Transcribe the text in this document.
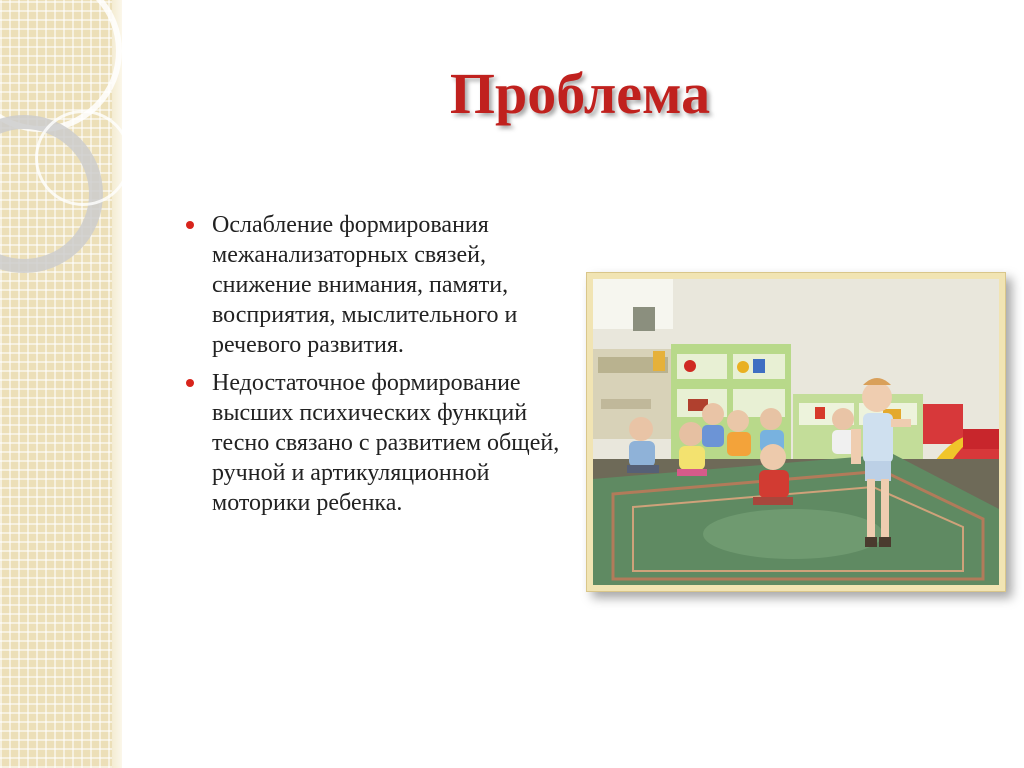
Проблема
Ослабление формирования межанализаторных связей, снижение внимания, памяти, восприятия, мыслительного и речевого развития.
Недостаточное формирование высших психических функций тесно связано с развитием общей, ручной и артикуляционной моторики ребенка.
